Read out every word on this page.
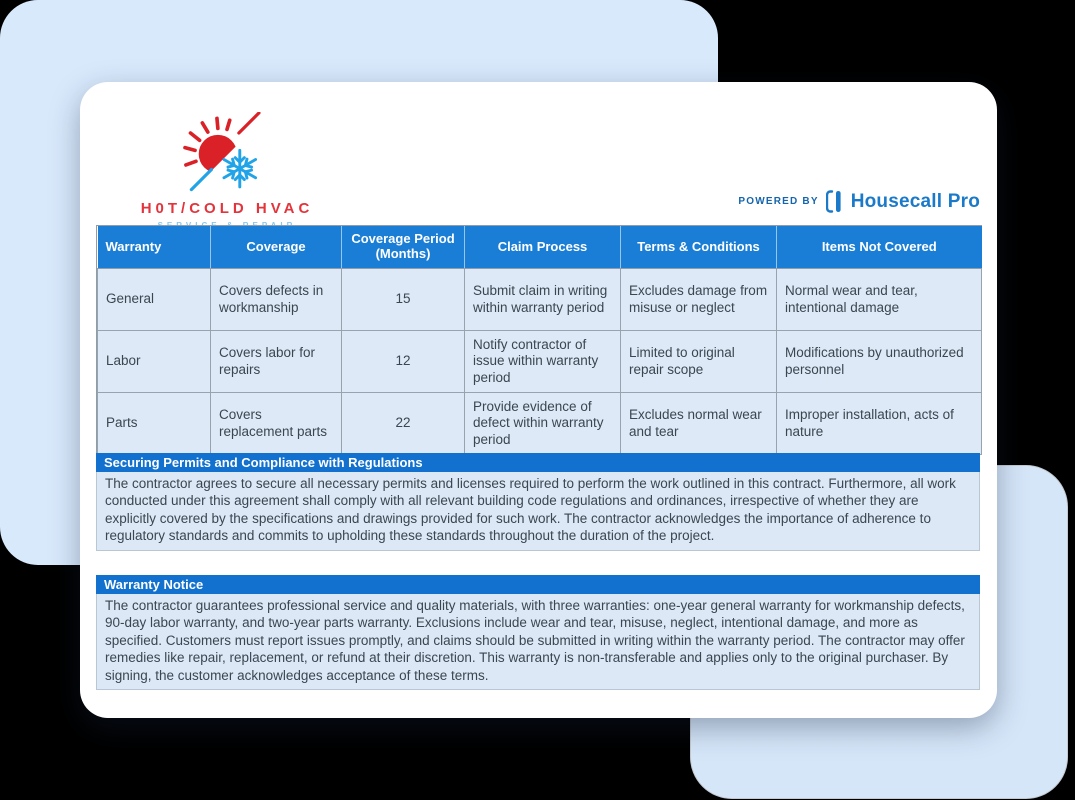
H0T/COLD HVAC	POWERED BY Housecall Pro
Warranty	Coverage	Coverage Period (Months)	Claim Process	Terms & Conditions	Items Not Covered
General	Covers defects in workmanship	15	Submit claim in writing within warranty period	Excludes damage from misuse or neglect	Normal wear and tear, intentional damage
Labor	Covers labor for repairs	12	Notify contractor of issue within warranty period	Limited to original repair scope	Modifications by unauthorized personnel
Parts	Covers replacement parts	22	Provide evidence of defect within warranty period	Excludes normal wear and tear	Improper installation, acts of nature
Securing Permits and Compliance with Regulations
The contractor agrees to secure all necessary permits and licenses required to perform the work outlined in this contract. Furthermore, all work conducted under this agreement shall comply with all relevant building code regulations and ordinances, irrespective of whether they are explicitly covered by the specifications and drawings provided for such work. The contractor acknowledges the importance of adherence to regulatory standards and commits to upholding these standards throughout the duration of the project.
Warranty Notice
The contractor guarantees professional service and quality materials, with three warranties: one-year general warranty for workmanship defects, 90-day labor warranty, and two-year parts warranty. Exclusions include wear and tear, misuse, neglect, intentional damage, and more as specified. Customers must report issues promptly, and claims should be submitted in writing within the warranty period. The contractor may offer remedies like repair, replacement, or refund at their discretion. This warranty is non-transferable and applies only to the original purchaser. By signing, the customer acknowledges acceptance of these terms.
